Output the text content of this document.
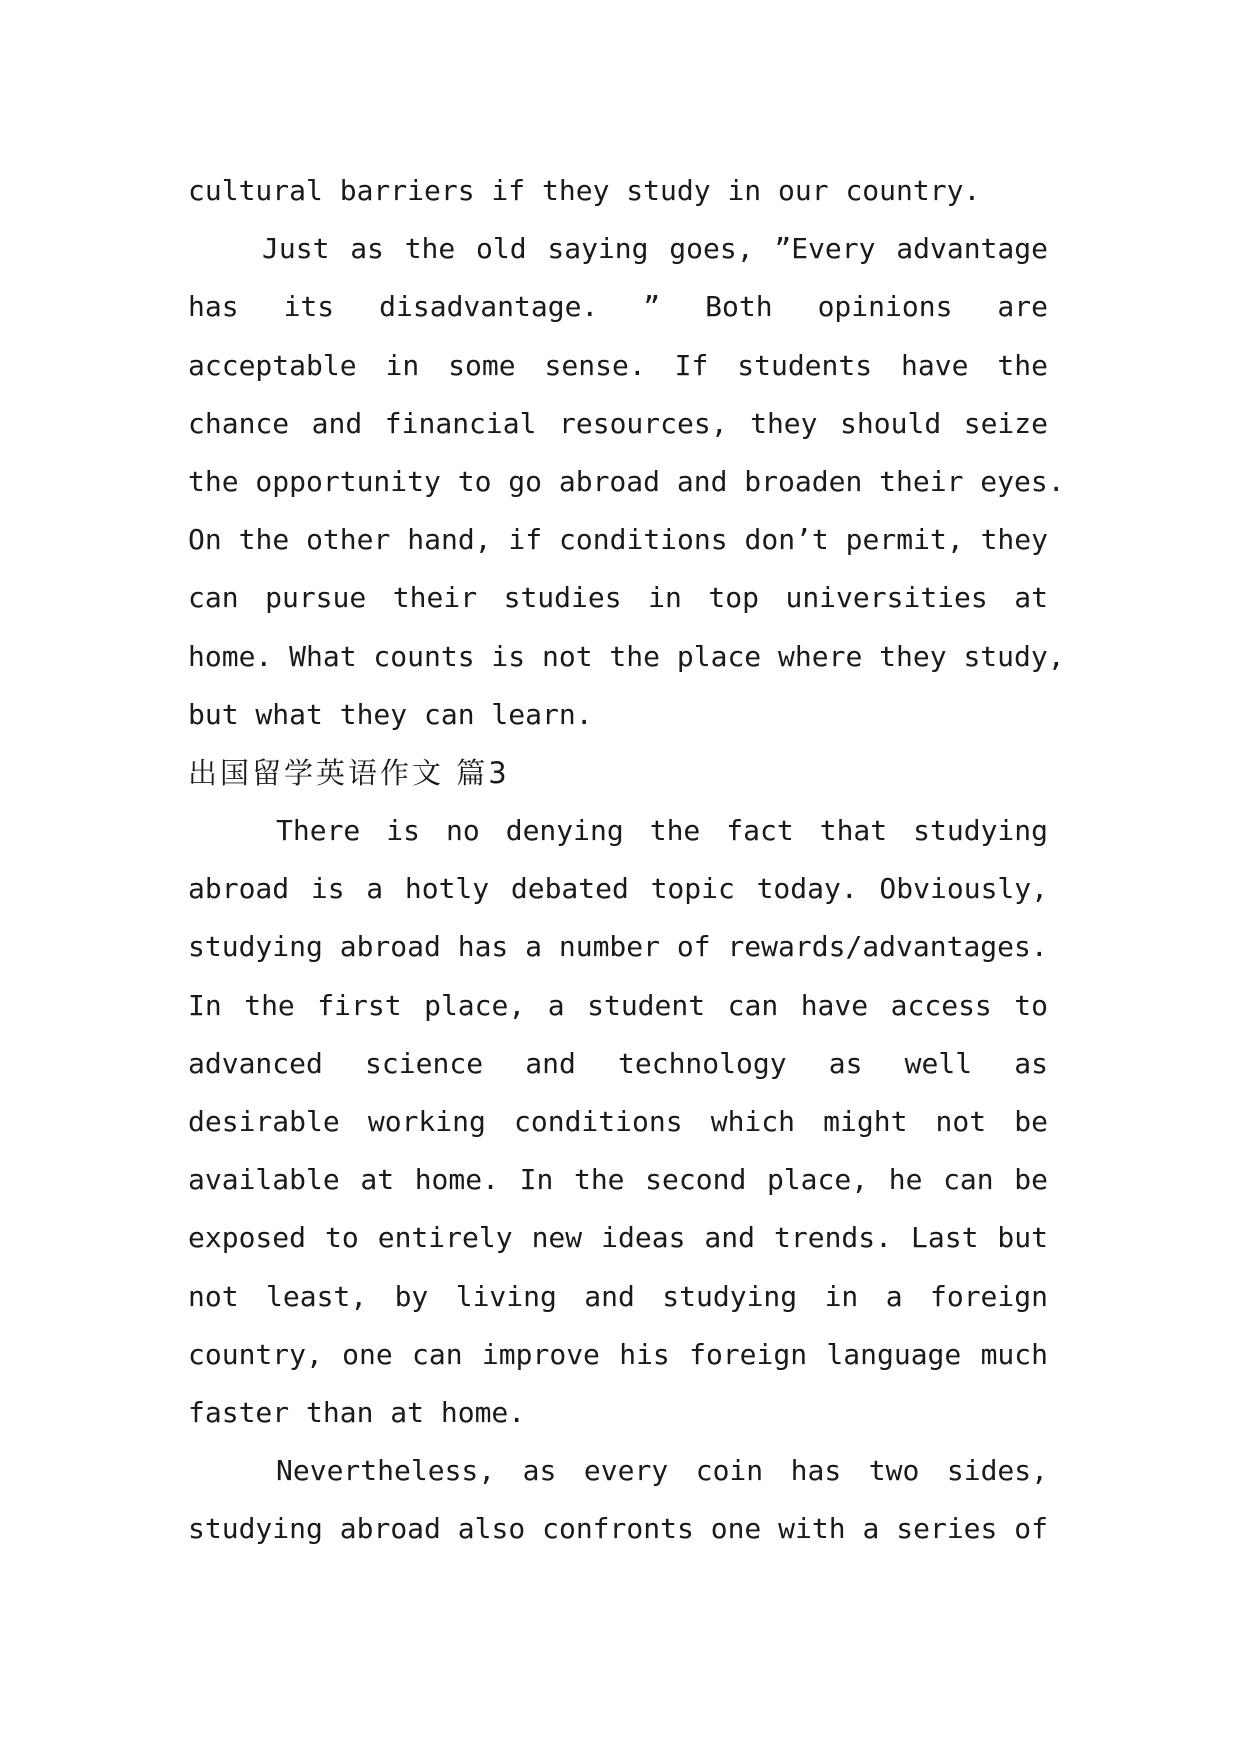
cultural barriers if they study in our country.
Just as the old saying goes, ”Every advantage
has its disadvantage. ” Both opinions are
acceptable in some sense. If students have the
chance and financial resources, they should seize
the opportunity to go abroad and broaden their eyes.
On the other hand, if conditions don’t permit, they
can pursue their studies in top universities at
home. What counts is not the place where they study,
but what they can learn.
出国留学英语作文 篇3
There is no denying the fact that studying
abroad is a hotly debated topic today. Obviously,
studying abroad has a number of rewards/advantages.
In the first place, a student can have access to
advanced science and technology as well as
desirable working conditions which might not be
available at home. In the second place, he can be
exposed to entirely new ideas and trends. Last but
not least, by living and studying in a foreign
country, one can improve his foreign language much
faster than at home.
Nevertheless, as every coin has two sides,
studying abroad also confronts one with a series of
